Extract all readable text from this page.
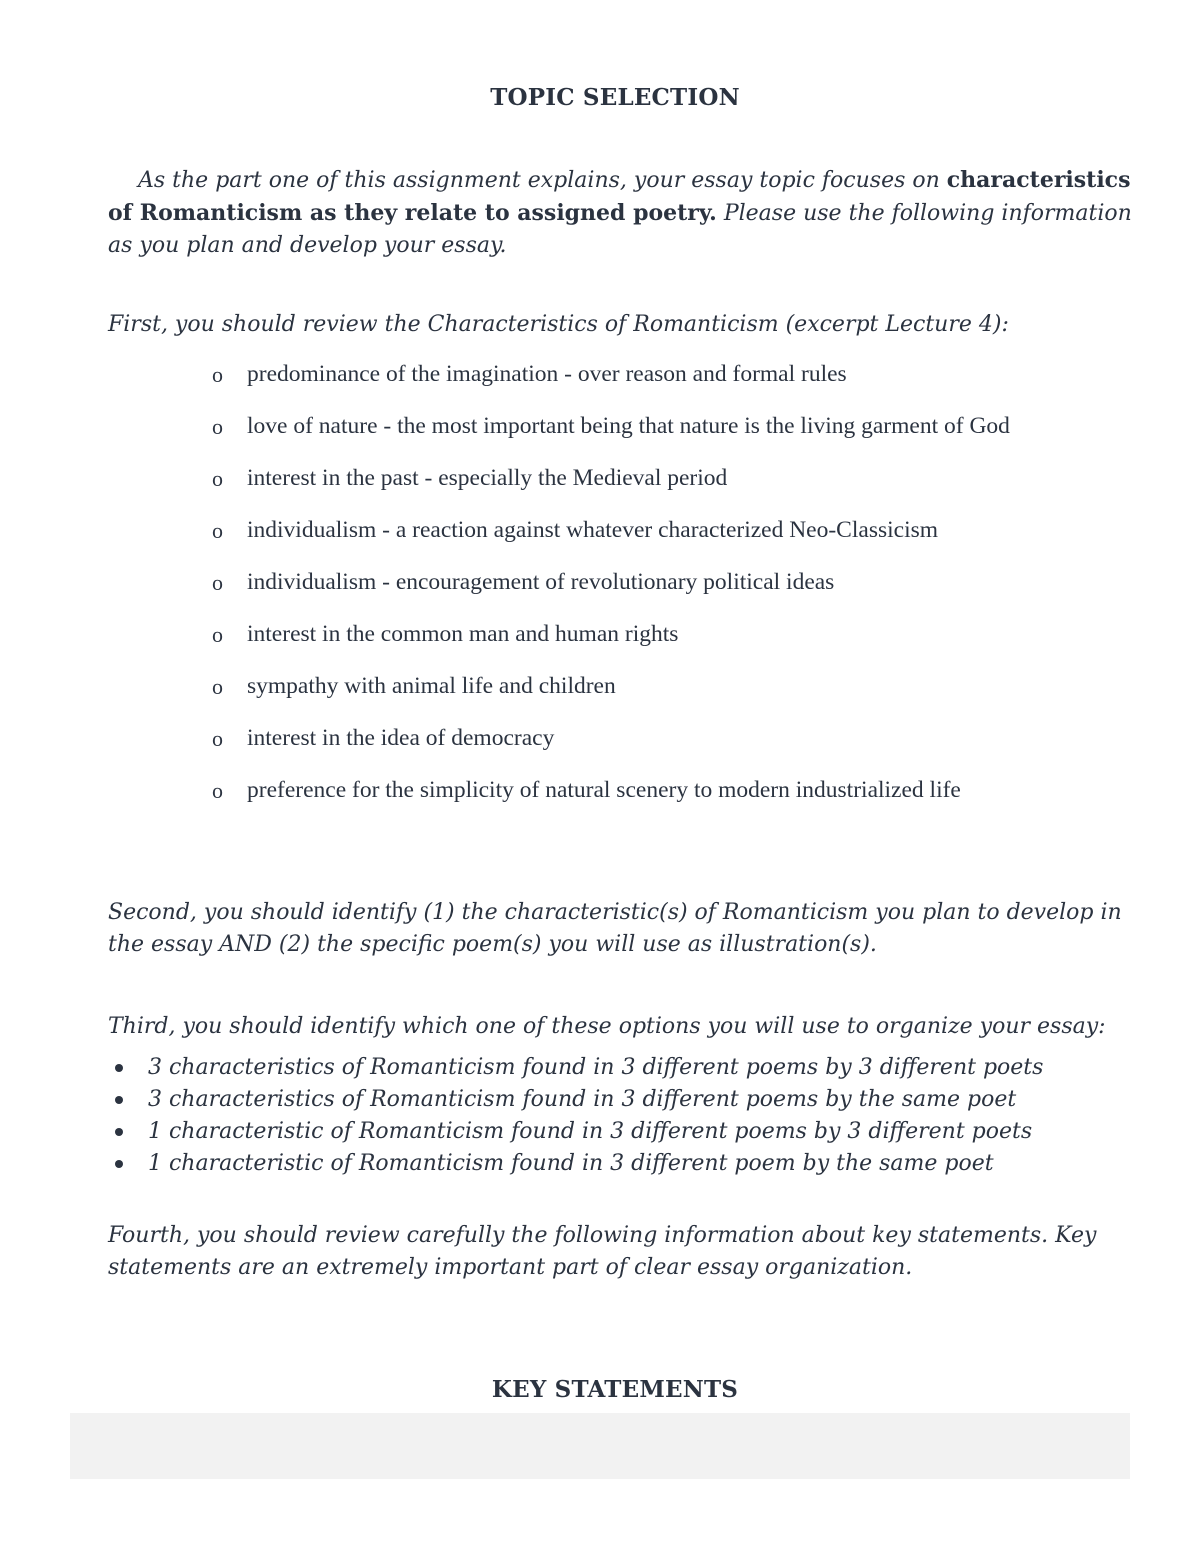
TOPIC SELECTION
As the part one of this assignment explains, your essay topic focuses on characteristics of Romanticism as they relate to assigned poetry. Please use the following information as you plan and develop your essay.
First, you should review the Characteristics of Romanticism (excerpt Lecture 4):
o predominance of the imagination - over reason and formal rules
o love of nature - the most important being that nature is the living garment of God
o interest in the past - especially the Medieval period
o individualism - a reaction against whatever characterized Neo-Classicism
o individualism - encouragement of revolutionary political ideas
o interest in the common man and human rights
o sympathy with animal life and children
o interest in the idea of democracy
o preference for the simplicity of natural scenery to modern industrialized life
Second, you should identify (1) the characteristic(s) of Romanticism you plan to develop in the essay AND (2) the specific poem(s) you will use as illustration(s).
Third, you should identify which one of these options you will use to organize your essay:
3 characteristics of Romanticism found in 3 different poems by 3 different poets
3 characteristics of Romanticism found in 3 different poems by the same poet
1 characteristic of Romanticism found in 3 different poems by 3 different poets
1 characteristic of Romanticism found in 3 different poem by the same poet
Fourth, you should review carefully the following information about key statements. Key statements are an extremely important part of clear essay organization.
KEY STATEMENTS
